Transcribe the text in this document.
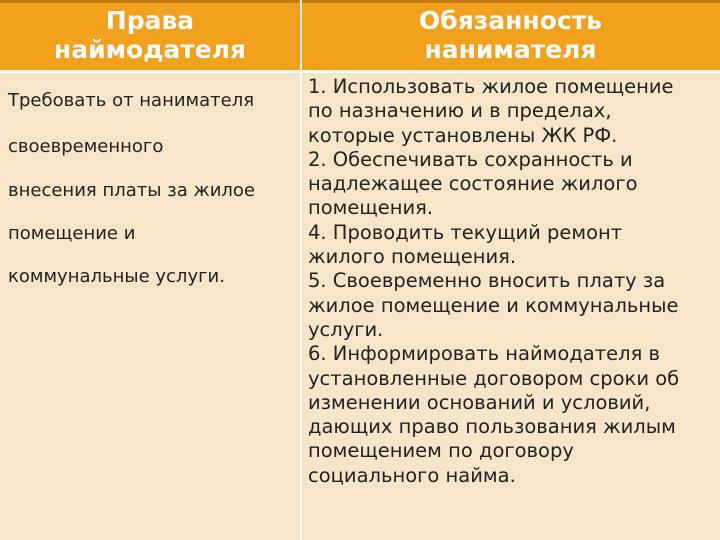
Права
наймодателя
Обязанность
нанимателя
Требовать от нанимателя
своевременного
внесения платы за жилое
помещение и
коммунальные услуги.
1. Использовать жилое помещение
по назначению и в пределах,
которые установлены ЖК РФ.
2. Обеспечивать сохранность и
надлежащее состояние жилого
помещения.
4. Проводить текущий ремонт
жилого помещения.
5. Своевременно вносить плату за
жилое помещение и коммунальные
услуги.
6. Информировать наймодателя в
установленные договором сроки об
изменении оснований и условий,
дающих право пользования жилым
помещением по договору
социального найма.
